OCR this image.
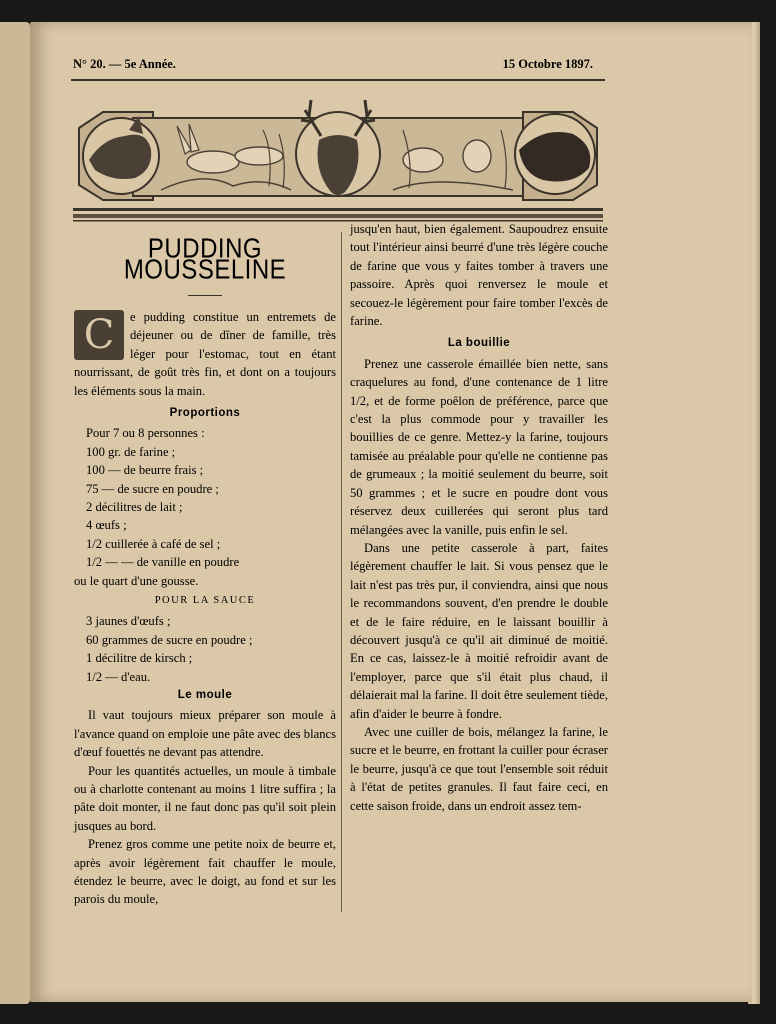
N° 20. — 5e Année.	15 Octobre 1897.
PUDDING MOUSSELINE

C	e pudding constitue un entremets de déjeuner ou de dîner de famille, très léger pour l'estomac, tout en étant nourrissant, de goût très fin, et dont on a toujours les éléments sous la main.

Proportions
Pour 7 ou 8 personnes :
100 gr. de farine ;
100 — de beurre frais ;
75 — de sucre en poudre ;
2 décilitres de lait ;
4 œufs ;
1/2 cuillerée à café de sel ;
1/2 — — de vanille en poudre
ou le quart d'une gousse.
POUR LA SAUCE
3 jaunes d'œufs ;
60 grammes de sucre en poudre ;
1 décilitre de kirsch ;
1/2 — d'eau.
Le moule

Il vaut toujours mieux préparer son moule à l'avance quand on emploie une pâte avec des blancs d'œuf fouettés ne devant pas attendre.

Pour les quantités actuelles, un moule à timbale ou à charlotte contenant au moins 1 litre suffira ; la pâte doit monter, il ne faut donc pas qu'il soit plein jusques au bord.

Prenez gros comme une petite noix de beurre et, après avoir légèrement fait chauffer le moule, étendez le beurre, avec le doigt, au fond et sur les parois du moule,

jusqu'en haut, bien également. Saupoudrez ensuite tout l'intérieur ainsi beurré d'une très légère couche de farine que vous y faites tomber à travers une passoire. Après quoi renversez le moule et secouez-le légèrement pour faire tomber l'excès de farine.

La bouillie

Prenez une casserole émaillée bien nette, sans craquelures au fond, d'une contenance de 1 litre 1/2, et de forme poêlon de préférence, parce que c'est la plus commode pour y travailler les bouillies de ce genre. Mettez-y la farine, toujours tamisée au préalable pour qu'elle ne contienne pas de grumeaux ; la moitié seulement du beurre, soit 50 grammes ; et le sucre en poudre dont vous réservez deux cuillerées qui seront plus tard mélangées avec la vanille, puis enfin le sel.

Dans une petite casserole à part, faites légèrement chauffer le lait. Si vous pensez que le lait n'est pas très pur, il conviendra, ainsi que nous le recommandons souvent, d'en prendre le double et de le faire réduire, en le laissant bouillir à découvert jusqu'à ce qu'il ait diminué de moitié. En ce cas, laissez-le à moitié refroidir avant de l'employer, parce que s'il était plus chaud, il délaierait mal la farine. Il doit être seulement tiède, afin d'aider le beurre à fondre.

Avec une cuiller de bois, mélangez la farine, le sucre et le beurre, en frottant la cuiller pour écraser le beurre, jusqu'à ce que tout l'ensemble soit réduit à l'état de petites granules. Il faut faire ceci, en cette saison froide, dans un endroit assez tem-
